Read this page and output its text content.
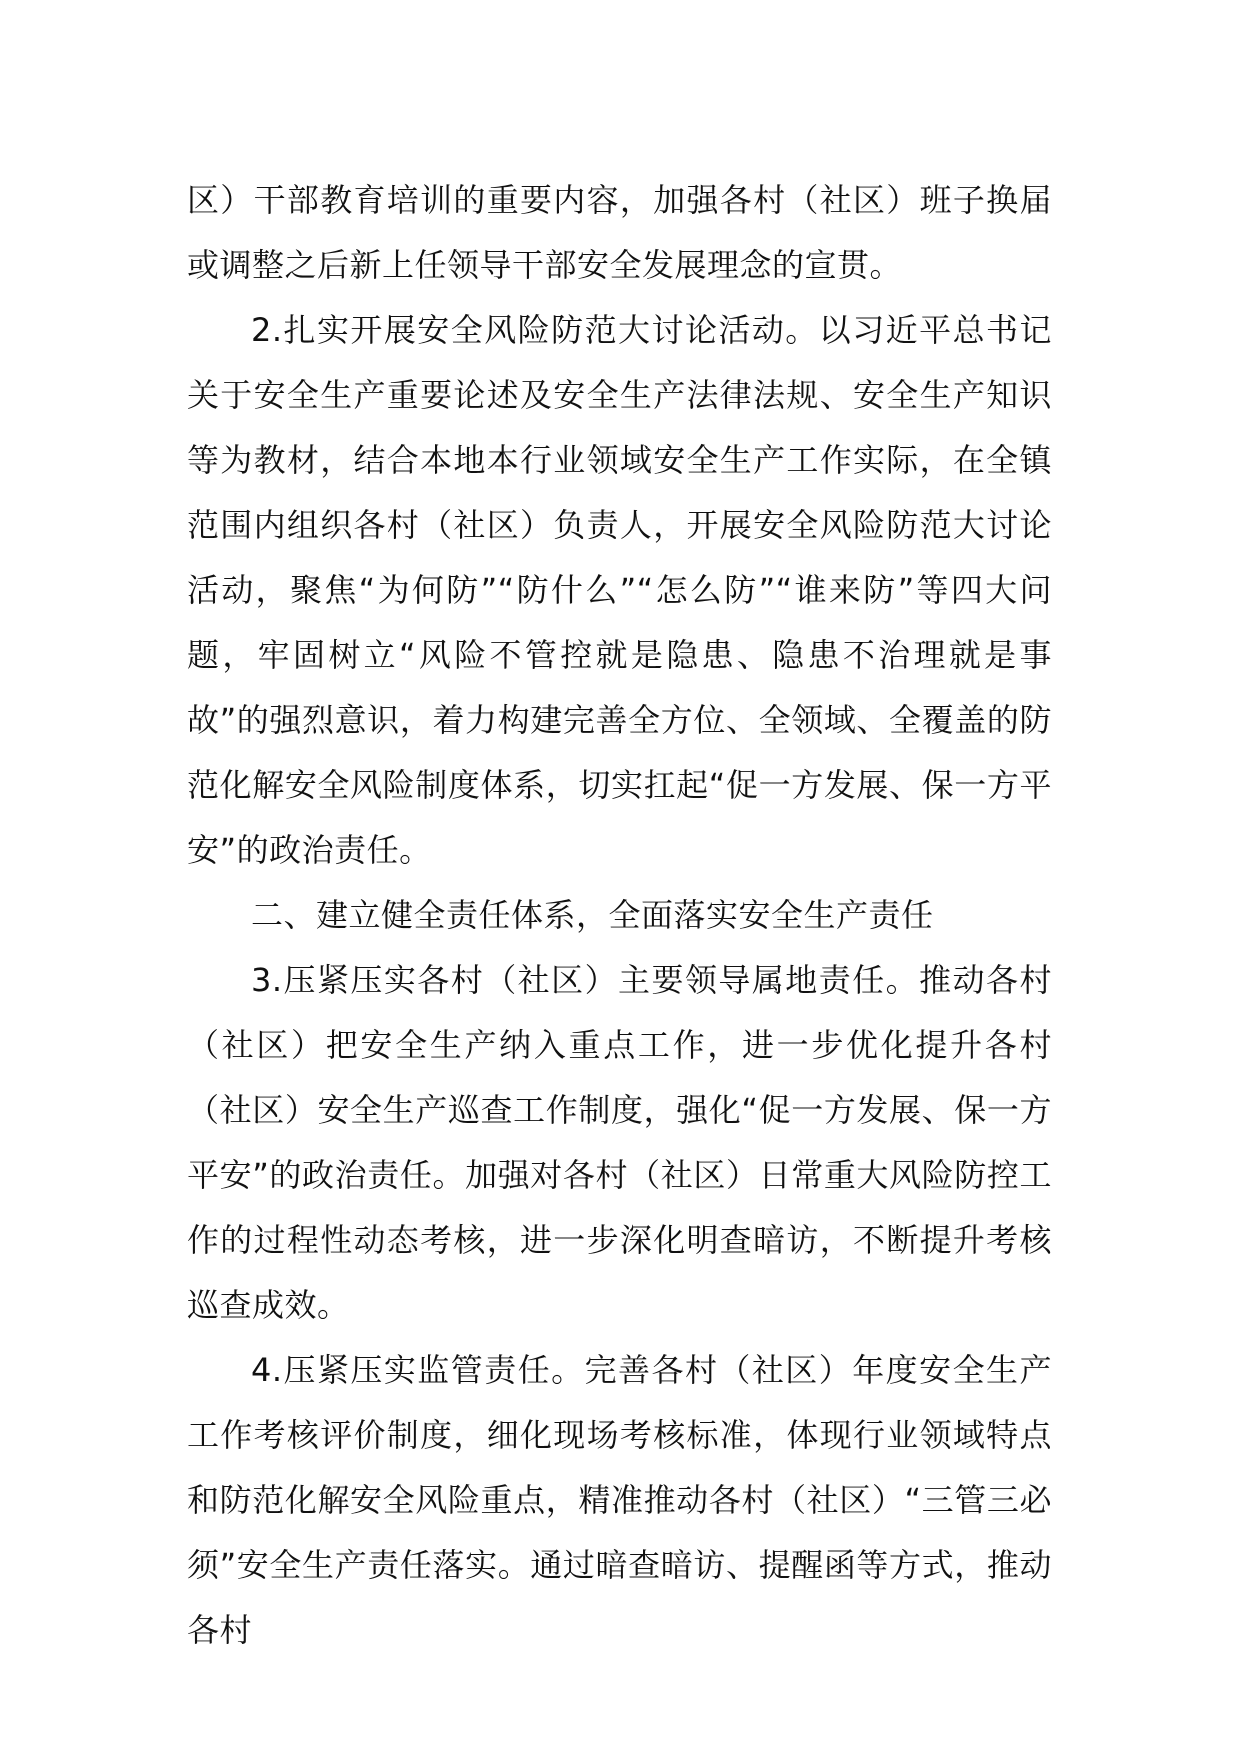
区）干部教育培训的重要内容，加强各村（社区）班子换届或调整之后新上任领导干部安全发展理念的宣贯。

2.扎实开展安全风险防范大讨论活动。以习近平总书记关于安全生产重要论述及安全生产法律法规、安全生产知识等为教材，结合本地本行业领域安全生产工作实际，在全镇范围内组织各村（社区）负责人，开展安全风险防范大讨论活动，聚焦“为何防”“防什么”“怎么防”“谁来防”等四大问题，牢固树立“风险不管控就是隐患、隐患不治理就是事故”的强烈意识，着力构建完善全方位、全领域、全覆盖的防范化解安全风险制度体系，切实扛起“促一方发展、保一方平安”的政治责任。

二、建立健全责任体系，全面落实安全生产责任

3.压紧压实各村（社区）主要领导属地责任。推动各村（社区）把安全生产纳入重点工作，进一步优化提升各村（社区）安全生产巡查工作制度，强化“促一方发展、保一方平安”的政治责任。加强对各村（社区）日常重大风险防控工作的过程性动态考核，进一步深化明查暗访，不断提升考核巡查成效。

4.压紧压实监管责任。完善各村（社区）年度安全生产工作考核评价制度，细化现场考核标准，体现行业领域特点和防范化解安全风险重点，精准推动各村（社区）“三管三必须”安全生产责任落实。通过暗查暗访、提醒函等方式，推动各村
